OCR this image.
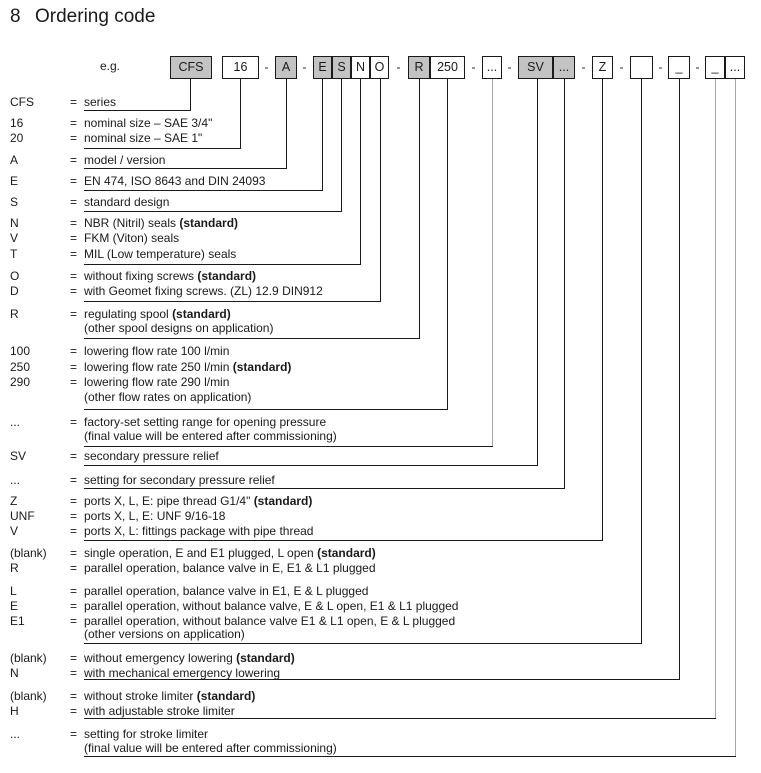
8 Ordering code
e.g.	CFS	16	A	E S N O	R	250	...	SV	...	Z	_	_ ...
-	-	-	-	-	-	-	-	-
CFS	= series
16	= nominal size – SAE 3/4"
20	= nominal size – SAE 1"
A	= model / version
E	= EN 474, ISO 8643 and DIN 24093
S	= standard design
N	= NBR (Nitril) seals (standard)
V	= FKM (Viton) seals
T	= MIL (Low temperature) seals
O	= without fixing screws (standard)
D	= with Geomet fixing screws. (ZL) 12.9 DIN912
R	= regulating spool (standard)
(other spool designs on application)
100	= lowering flow rate 100 l/min
250	= lowering flow rate 250 l/min (standard)
290	= lowering flow rate 290 l/min
(other flow rates on application)
...	= factory-set setting range for opening pressure
(final value will be entered after commissioning)
SV	= secondary pressure relief
...	= setting for secondary pressure relief
Z	= ports X, L, E: pipe thread G1/4" (standard)
UNF	= ports X, L, E: UNF 9/16-18
V	= ports X, L: fittings package with pipe thread
(blank) = single operation, E and E1 plugged, L open (standard)
R	= parallel operation, balance valve in E, E1 & L1 plugged
L	= parallel operation, balance valve in E1, E & L plugged
E	= parallel operation, without balance valve, E & L open, E1 & L1 plugged
E1	= parallel operation, without balance valve E1 & L1 open, E & L plugged
(other versions on application)
(blank) = without emergency lowering (standard)
N	= with mechanical emergency lowering
(blank) = without stroke limiter (standard)
H	= with adjustable stroke limiter
...	= setting for stroke limiter
(final value will be entered after commissioning)
